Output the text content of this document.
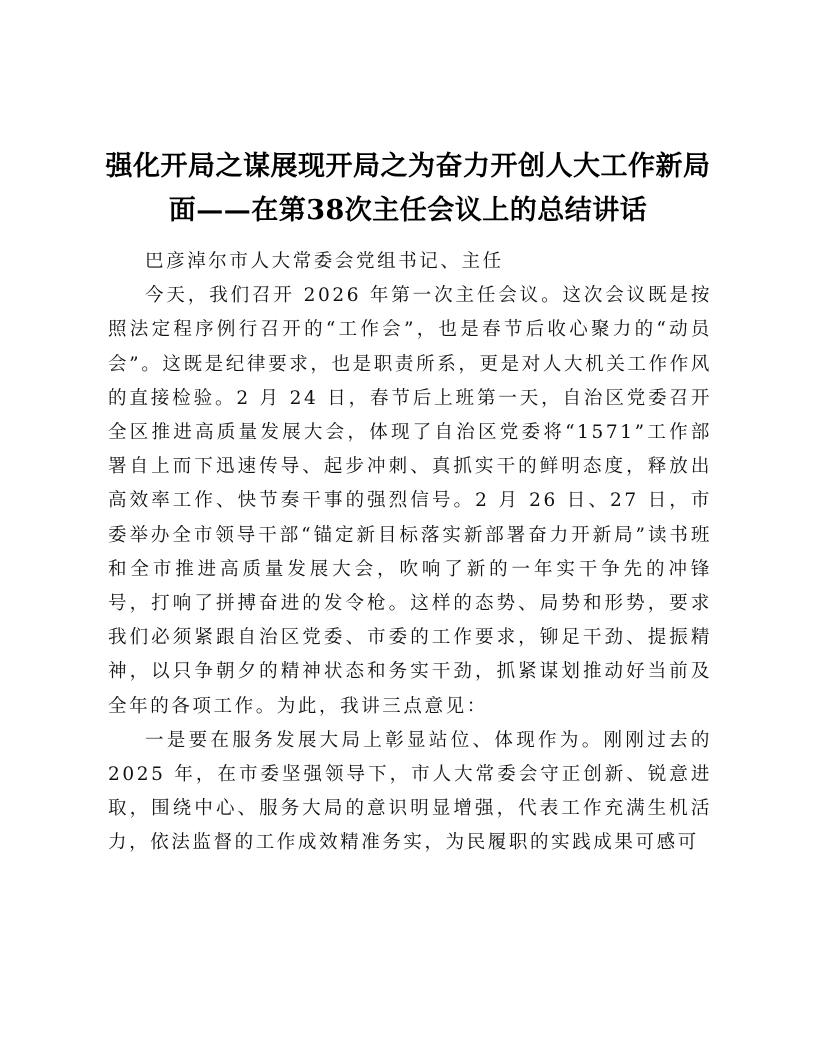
强化开局之谋展现开局之为奋力开创人大工作新局面——在第38次主任会议上的总结讲话

巴彦淖尔市人大常委会党组书记、主任

今天，我们召开 2026 年第一次主任会议。这次会议既是按照法定程序例行召开的“工作会”，也是春节后收心聚力的“动员会”。这既是纪律要求，也是职责所系，更是对人大机关工作作风的直接检验。2 月 24 日，春节后上班第一天，自治区党委召开全区推进高质量发展大会，体现了自治区党委将“1571”工作部署自上而下迅速传导、起步冲刺、真抓实干的鲜明态度，释放出高效率工作、快节奏干事的强烈信号。2 月 26 日、27 日，市委举办全市领导干部“锚定新目标落实新部署奋力开新局”读书班和全市推进高质量发展大会，吹响了新的一年实干争先的冲锋号，打响了拼搏奋进的发令枪。这样的态势、局势和形势，要求我们必须紧跟自治区党委、市委的工作要求，铆足干劲、提振精神，以只争朝夕的精神状态和务实干劲，抓紧谋划推动好当前及全年的各项工作。为此，我讲三点意见：

一是要在服务发展大局上彰显站位、体现作为。刚刚过去的 2025 年，在市委坚强领导下，市人大常委会守正创新、锐意进取，围绕中心、服务大局的意识明显增强，代表工作充满生机活力，依法监督的工作成效精准务实，为民履职的实践成果可感可
